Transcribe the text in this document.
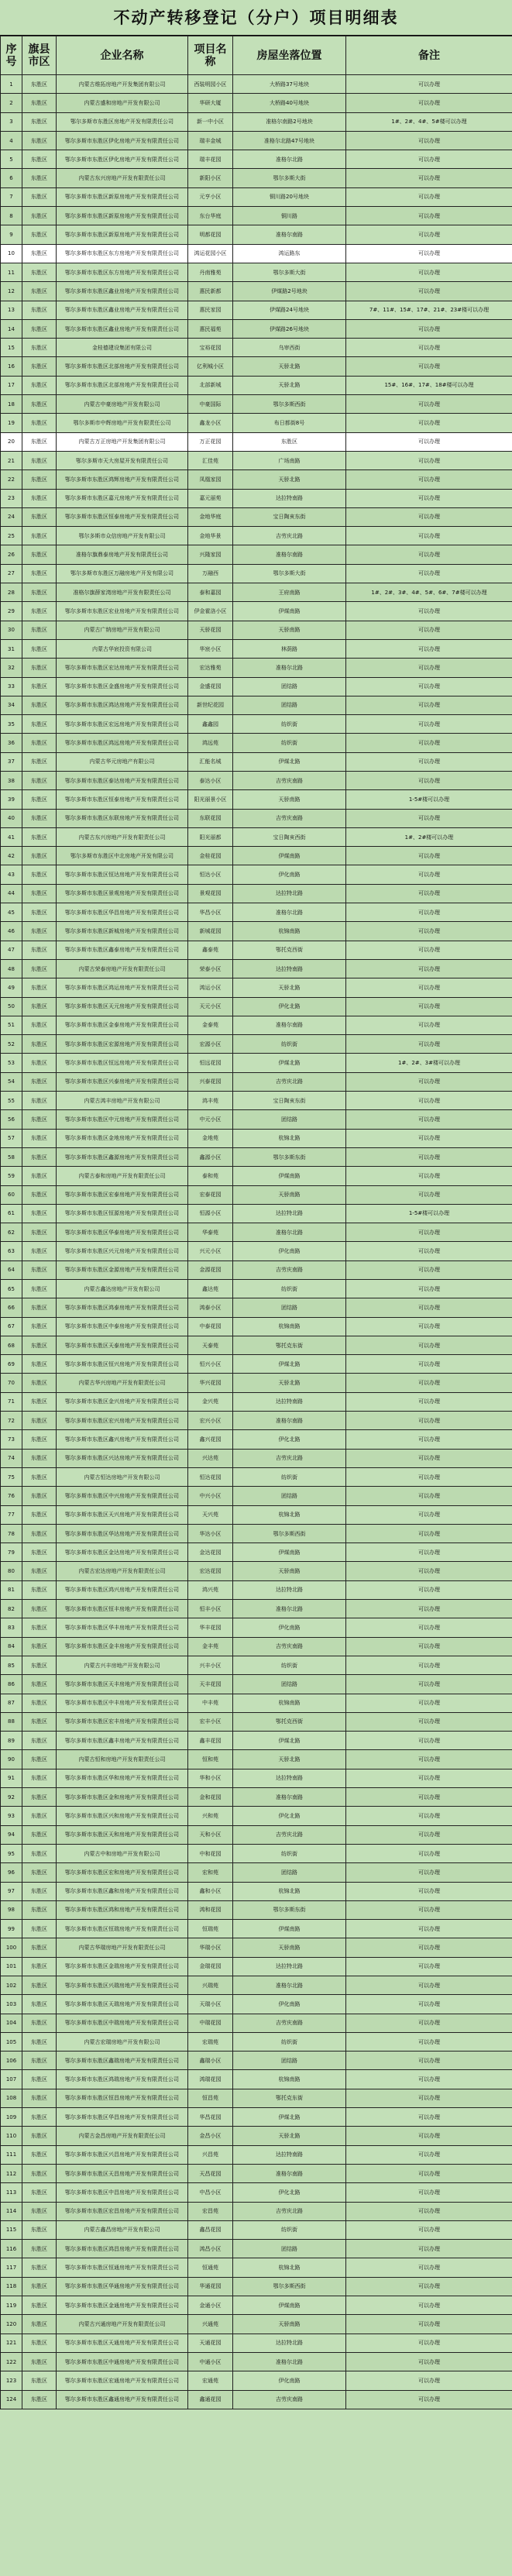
不动产转移登记（分户）项目明细表
序号	旗县市区	企业名称	项目名称	房屋坐落位置	备注
1	东胜区	内蒙古维拓房地产开发集团有限公司	西装明园小区	大桥路37号地块	可以办理
2	东胜区	内蒙古盛和房地产开发有限公司	华研大厦	大桥路40号地块	可以办理
3	东胜区	鄂尔多斯市东胜区房地产开发有限责任公司	新一中小区	准格尔南路2号地块	1#、2#、4#、5#楼可以办理
4	东胜区	鄂尔多斯市东胜区伊化房地产开发有限责任公司	瑞丰金城	准格尔北路47号地块	可以办理
5	东胜区	鄂尔多斯市东胜区伊化房地产开发有限责任公司	瑞丰花园	准格尔北路	可以办理
6	东胜区	内蒙古东兴房地产开发有限责任公司	新阳小区	鄂尔多斯大街	可以办理
7	东胜区	鄂尔多斯市东胜区新原房地产开发有限责任公司	元亨小区	铜川路20号地块	可以办理
8	东胜区	鄂尔多斯市东胜区新原房地产开发有限责任公司	东台华庭	铜川路	可以办理
9	东胜区	鄂尔多斯市东胜区新原房地产开发有限责任公司	明都花园	准格尔南路	可以办理
10	东胜区	鄂尔多斯市东胜区东方房地产开发有限责任公司	鸿运花园小区	鸿运路东	可以办理
11	东胜区	鄂尔多斯市东胜区东方房地产开发有限责任公司	丹南雅苑	鄂尔多斯大街	可以办理
12	东胜区	鄂尔多斯市东胜区鑫业房地产开发有限责任公司	惠民新都	伊煤路2号地块	可以办理
13	东胜区	鄂尔多斯市东胜区鑫业房地产开发有限责任公司	惠民家园	伊煤路24号地块	7#、11#、15#、17#、21#、23#楼可以办理
14	东胜区	鄂尔多斯市东胜区鑫业房地产开发有限责任公司	惠民福苑	伊煤路26号地块	可以办理
15	东胜区	金桂德建设集团有限公司	宝裕花园	乌审西街	可以办理
16	东胜区	鄂尔多斯市东胜区北部房地产开发有限责任公司	亿利城小区	天骄北路	可以办理
17	东胜区	鄂尔多斯市东胜区北部房地产开发有限责任公司	北部新城	天骄北路	15#、16#、17#、18#楼可以办理
18	东胜区	内蒙古中豪房地产开发有限公司	中豪国际	鄂尔多斯西街	可以办理
19	东胜区	鄂尔多斯市中辉房地产开发有限责任公司	鑫龙小区	布日都街8号	可以办理
20	东胜区	内蒙古万正房地产开发集团有限公司	万正花园	东胜区	可以办理
21	东胜区	鄂尔多斯市天大房屋开发有限责任公司	汇佳苑	广场南路	可以办理
22	东胜区	鄂尔多斯市东胜区鸿辉房地产开发有限责任公司	凤凰家园	天骄北路	可以办理
23	东胜区	鄂尔多斯市东胜区嘉元房地产开发有限责任公司	嘉元丽苑	达拉特南路	可以办理
24	东胜区	鄂尔多斯市东胜区恒泰房地产开发有限责任公司	金地华庭	宝日陶亥东街	可以办理
25	东胜区	鄂尔多斯市众信房地产开发有限公司	金地华景	吉劳庆北路	可以办理
26	东胜区	准格尔旗鼎泰房地产开发有限责任公司	兴隆家园	准格尔南路	可以办理
27	东胜区	鄂尔多斯市东胜区万融房地产开发有限公司	万融西	鄂尔多斯大街	可以办理
28	东胜区	准格尔旗薛家湾房地产开发有限责任公司	泰和嘉园	王府南路	1#、2#、3#、4#、5#、6#、7#楼可以办理
29	东胜区	鄂尔多斯市东胜区宏业房地产开发有限责任公司	伊金霍洛小区	伊煤南路	可以办理
30	东胜区	内蒙古广纳房地产开发有限公司	天骄花园	天骄南路	可以办理
31	东胜区	内蒙古华宸投资有限公司	华宸小区	林荫路	可以办理
32	东胜区	鄂尔多斯市东胜区宏达房地产开发有限责任公司	宏达雅苑	准格尔北路	可以办理
33	东胜区	鄂尔多斯市东胜区金盛房地产开发有限责任公司	金盛花园	团结路	可以办理
34	东胜区	鄂尔多斯市东胜区鸿达房地产开发有限责任公司	新世纪花园	团结路	可以办理
35	东胜区	鄂尔多斯市东胜区宏远房地产开发有限责任公司	鑫鑫园	纺织街	可以办理
36	东胜区	鄂尔多斯市东胜区鸿远房地产开发有限责任公司	鸿远苑	纺织街	可以办理
37	东胜区	内蒙古华元房地产有限公司	汇能名城	伊煤北路	可以办理
38	东胜区	鄂尔多斯市东胜区泰达房地产开发有限责任公司	泰达小区	吉劳庆南路	可以办理
39	东胜区	鄂尔多斯市东胜区恒泰房地产开发有限责任公司	阳光丽景小区	天骄南路	1-5#楼可以办理
40	东胜区	鄂尔多斯市东胜区东联房地产开发有限责任公司	东联花园	吉劳庆南路	可以办理
41	东胜区	内蒙古东兴房地产开发有限责任公司	阳光丽都	宝日陶亥西街	1#、2#楼可以办理
42	东胜区	鄂尔多斯市东胜区中北房地产开发有限公司	金桂花园	伊煤南路	可以办理
43	东胜区	鄂尔多斯市东胜区恒达房地产开发有限责任公司	恒达小区	伊化南路	可以办理
44	东胜区	鄂尔多斯市东胜区景观房地产开发有限责任公司	景观花园	达拉特北路	可以办理
45	东胜区	鄂尔多斯市东胜区华昌房地产开发有限责任公司	华昌小区	准格尔北路	可以办理
46	东胜区	鄂尔多斯市东胜区新城房地产开发有限责任公司	新城花园	杭锦南路	可以办理
47	东胜区	鄂尔多斯市东胜区鑫泰房地产开发有限责任公司	鑫泰苑	鄂托克西街	可以办理
48	东胜区	内蒙古荣泰房地产开发有限责任公司	荣泰小区	达拉特南路	可以办理
49	东胜区	鄂尔多斯市东胜区鸿运房地产开发有限责任公司	鸿运小区	天骄北路	可以办理
50	东胜区	鄂尔多斯市东胜区天元房地产开发有限责任公司	天元小区	伊化北路	可以办理
51	东胜区	鄂尔多斯市东胜区金泰房地产开发有限责任公司	金泰苑	准格尔南路	可以办理
52	东胜区	鄂尔多斯市东胜区宏源房地产开发有限责任公司	宏源小区	纺织街	可以办理
53	东胜区	鄂尔多斯市东胜区恒远房地产开发有限责任公司	恒远花园	伊煤北路	1#、2#、3#楼可以办理
54	东胜区	鄂尔多斯市东胜区兴泰房地产开发有限责任公司	兴泰花园	吉劳庆北路	可以办理
55	东胜区	内蒙古鸿丰房地产开发有限公司	鸿丰苑	宝日陶亥东街	可以办理
56	东胜区	鄂尔多斯市东胜区中元房地产开发有限责任公司	中元小区	团结路	可以办理
57	东胜区	鄂尔多斯市东胜区金地房地产开发有限责任公司	金地苑	杭锦北路	可以办理
58	东胜区	鄂尔多斯市东胜区鑫源房地产开发有限责任公司	鑫源小区	鄂尔多斯东街	可以办理
59	东胜区	内蒙古泰和房地产开发有限责任公司	泰和苑	伊煤南路	可以办理
60	东胜区	鄂尔多斯市东胜区宏泰房地产开发有限责任公司	宏泰花园	天骄南路	可以办理
61	东胜区	鄂尔多斯市东胜区恒源房地产开发有限责任公司	恒源小区	达拉特北路	1-5#楼可以办理
62	东胜区	鄂尔多斯市东胜区华泰房地产开发有限责任公司	华泰苑	准格尔北路	可以办理
63	东胜区	鄂尔多斯市东胜区兴元房地产开发有限责任公司	兴元小区	伊化南路	可以办理
64	东胜区	鄂尔多斯市东胜区金源房地产开发有限责任公司	金源花园	吉劳庆南路	可以办理
65	东胜区	内蒙古鑫达房地产开发有限公司	鑫达苑	纺织街	可以办理
66	东胜区	鄂尔多斯市东胜区鸿泰房地产开发有限责任公司	鸿泰小区	团结路	可以办理
67	东胜区	鄂尔多斯市东胜区中泰房地产开发有限责任公司	中泰花园	杭锦南路	可以办理
68	东胜区	鄂尔多斯市东胜区天泰房地产开发有限责任公司	天泰苑	鄂托克东街	可以办理
69	东胜区	鄂尔多斯市东胜区恒兴房地产开发有限责任公司	恒兴小区	伊煤北路	可以办理
70	东胜区	内蒙古华兴房地产开发有限责任公司	华兴花园	天骄北路	可以办理
71	东胜区	鄂尔多斯市东胜区金兴房地产开发有限责任公司	金兴苑	达拉特南路	可以办理
72	东胜区	鄂尔多斯市东胜区宏兴房地产开发有限责任公司	宏兴小区	准格尔南路	可以办理
73	东胜区	鄂尔多斯市东胜区鑫兴房地产开发有限责任公司	鑫兴花园	伊化北路	可以办理
74	东胜区	鄂尔多斯市东胜区兴达房地产开发有限责任公司	兴达苑	吉劳庆北路	可以办理
75	东胜区	内蒙古恒达房地产开发有限公司	恒达花园	纺织街	可以办理
76	东胜区	鄂尔多斯市东胜区中兴房地产开发有限责任公司	中兴小区	团结路	可以办理
77	东胜区	鄂尔多斯市东胜区天兴房地产开发有限责任公司	天兴苑	杭锦北路	可以办理
78	东胜区	鄂尔多斯市东胜区华达房地产开发有限责任公司	华达小区	鄂尔多斯西街	可以办理
79	东胜区	鄂尔多斯市东胜区金达房地产开发有限责任公司	金达花园	伊煤南路	可以办理
80	东胜区	内蒙古宏达房地产开发有限责任公司	宏达花园	天骄南路	可以办理
81	东胜区	鄂尔多斯市东胜区鸿兴房地产开发有限责任公司	鸿兴苑	达拉特北路	可以办理
82	东胜区	鄂尔多斯市东胜区恒丰房地产开发有限责任公司	恒丰小区	准格尔北路	可以办理
83	东胜区	鄂尔多斯市东胜区华丰房地产开发有限责任公司	华丰花园	伊化南路	可以办理
84	东胜区	鄂尔多斯市东胜区金丰房地产开发有限责任公司	金丰苑	吉劳庆南路	可以办理
85	东胜区	内蒙古兴丰房地产开发有限公司	兴丰小区	纺织街	可以办理
86	东胜区	鄂尔多斯市东胜区天丰房地产开发有限责任公司	天丰花园	团结路	可以办理
87	东胜区	鄂尔多斯市东胜区中丰房地产开发有限责任公司	中丰苑	杭锦南路	可以办理
88	东胜区	鄂尔多斯市东胜区宏丰房地产开发有限责任公司	宏丰小区	鄂托克西街	可以办理
89	东胜区	鄂尔多斯市东胜区鑫丰房地产开发有限责任公司	鑫丰花园	伊煤北路	可以办理
90	东胜区	内蒙古恒和房地产开发有限责任公司	恒和苑	天骄北路	可以办理
91	东胜区	鄂尔多斯市东胜区华和房地产开发有限责任公司	华和小区	达拉特南路	可以办理
92	东胜区	鄂尔多斯市东胜区金和房地产开发有限责任公司	金和花园	准格尔南路	可以办理
93	东胜区	鄂尔多斯市东胜区兴和房地产开发有限责任公司	兴和苑	伊化北路	可以办理
94	东胜区	鄂尔多斯市东胜区天和房地产开发有限责任公司	天和小区	吉劳庆北路	可以办理
95	东胜区	内蒙古中和房地产开发有限公司	中和花园	纺织街	可以办理
96	东胜区	鄂尔多斯市东胜区宏和房地产开发有限责任公司	宏和苑	团结路	可以办理
97	东胜区	鄂尔多斯市东胜区鑫和房地产开发有限责任公司	鑫和小区	杭锦北路	可以办理
98	东胜区	鄂尔多斯市东胜区鸿和房地产开发有限责任公司	鸿和花园	鄂尔多斯东街	可以办理
99	东胜区	鄂尔多斯市东胜区恒瑞房地产开发有限责任公司	恒瑞苑	伊煤南路	可以办理
100	东胜区	内蒙古华瑞房地产开发有限责任公司	华瑞小区	天骄南路	可以办理
101	东胜区	鄂尔多斯市东胜区金瑞房地产开发有限责任公司	金瑞花园	达拉特北路	可以办理
102	东胜区	鄂尔多斯市东胜区兴瑞房地产开发有限责任公司	兴瑞苑	准格尔北路	可以办理
103	东胜区	鄂尔多斯市东胜区天瑞房地产开发有限责任公司	天瑞小区	伊化南路	可以办理
104	东胜区	鄂尔多斯市东胜区中瑞房地产开发有限责任公司	中瑞花园	吉劳庆南路	可以办理
105	东胜区	内蒙古宏瑞房地产开发有限公司	宏瑞苑	纺织街	可以办理
106	东胜区	鄂尔多斯市东胜区鑫瑞房地产开发有限责任公司	鑫瑞小区	团结路	可以办理
107	东胜区	鄂尔多斯市东胜区鸿瑞房地产开发有限责任公司	鸿瑞花园	杭锦南路	可以办理
108	东胜区	鄂尔多斯市东胜区恒昌房地产开发有限责任公司	恒昌苑	鄂托克东街	可以办理
109	东胜区	鄂尔多斯市东胜区华昌房地产开发有限责任公司	华昌花园	伊煤北路	可以办理
110	东胜区	内蒙古金昌房地产开发有限责任公司	金昌小区	天骄北路	可以办理
111	东胜区	鄂尔多斯市东胜区兴昌房地产开发有限责任公司	兴昌苑	达拉特南路	可以办理
112	东胜区	鄂尔多斯市东胜区天昌房地产开发有限责任公司	天昌花园	准格尔南路	可以办理
113	东胜区	鄂尔多斯市东胜区中昌房地产开发有限责任公司	中昌小区	伊化北路	可以办理
114	东胜区	鄂尔多斯市东胜区宏昌房地产开发有限责任公司	宏昌苑	吉劳庆北路	可以办理
115	东胜区	内蒙古鑫昌房地产开发有限公司	鑫昌花园	纺织街	可以办理
116	东胜区	鄂尔多斯市东胜区鸿昌房地产开发有限责任公司	鸿昌小区	团结路	可以办理
117	东胜区	鄂尔多斯市东胜区恒通房地产开发有限责任公司	恒通苑	杭锦北路	可以办理
118	东胜区	鄂尔多斯市东胜区华通房地产开发有限责任公司	华通花园	鄂尔多斯西街	可以办理
119	东胜区	鄂尔多斯市东胜区金通房地产开发有限责任公司	金通小区	伊煤南路	可以办理
120	东胜区	内蒙古兴通房地产开发有限责任公司	兴通苑	天骄南路	可以办理
121	东胜区	鄂尔多斯市东胜区天通房地产开发有限责任公司	天通花园	达拉特北路	可以办理
122	东胜区	鄂尔多斯市东胜区中通房地产开发有限责任公司	中通小区	准格尔北路	可以办理
123	东胜区	鄂尔多斯市东胜区宏通房地产开发有限责任公司	宏通苑	伊化南路	可以办理
124	东胜区	鄂尔多斯市东胜区鑫通房地产开发有限责任公司	鑫通花园	吉劳庆南路	可以办理
